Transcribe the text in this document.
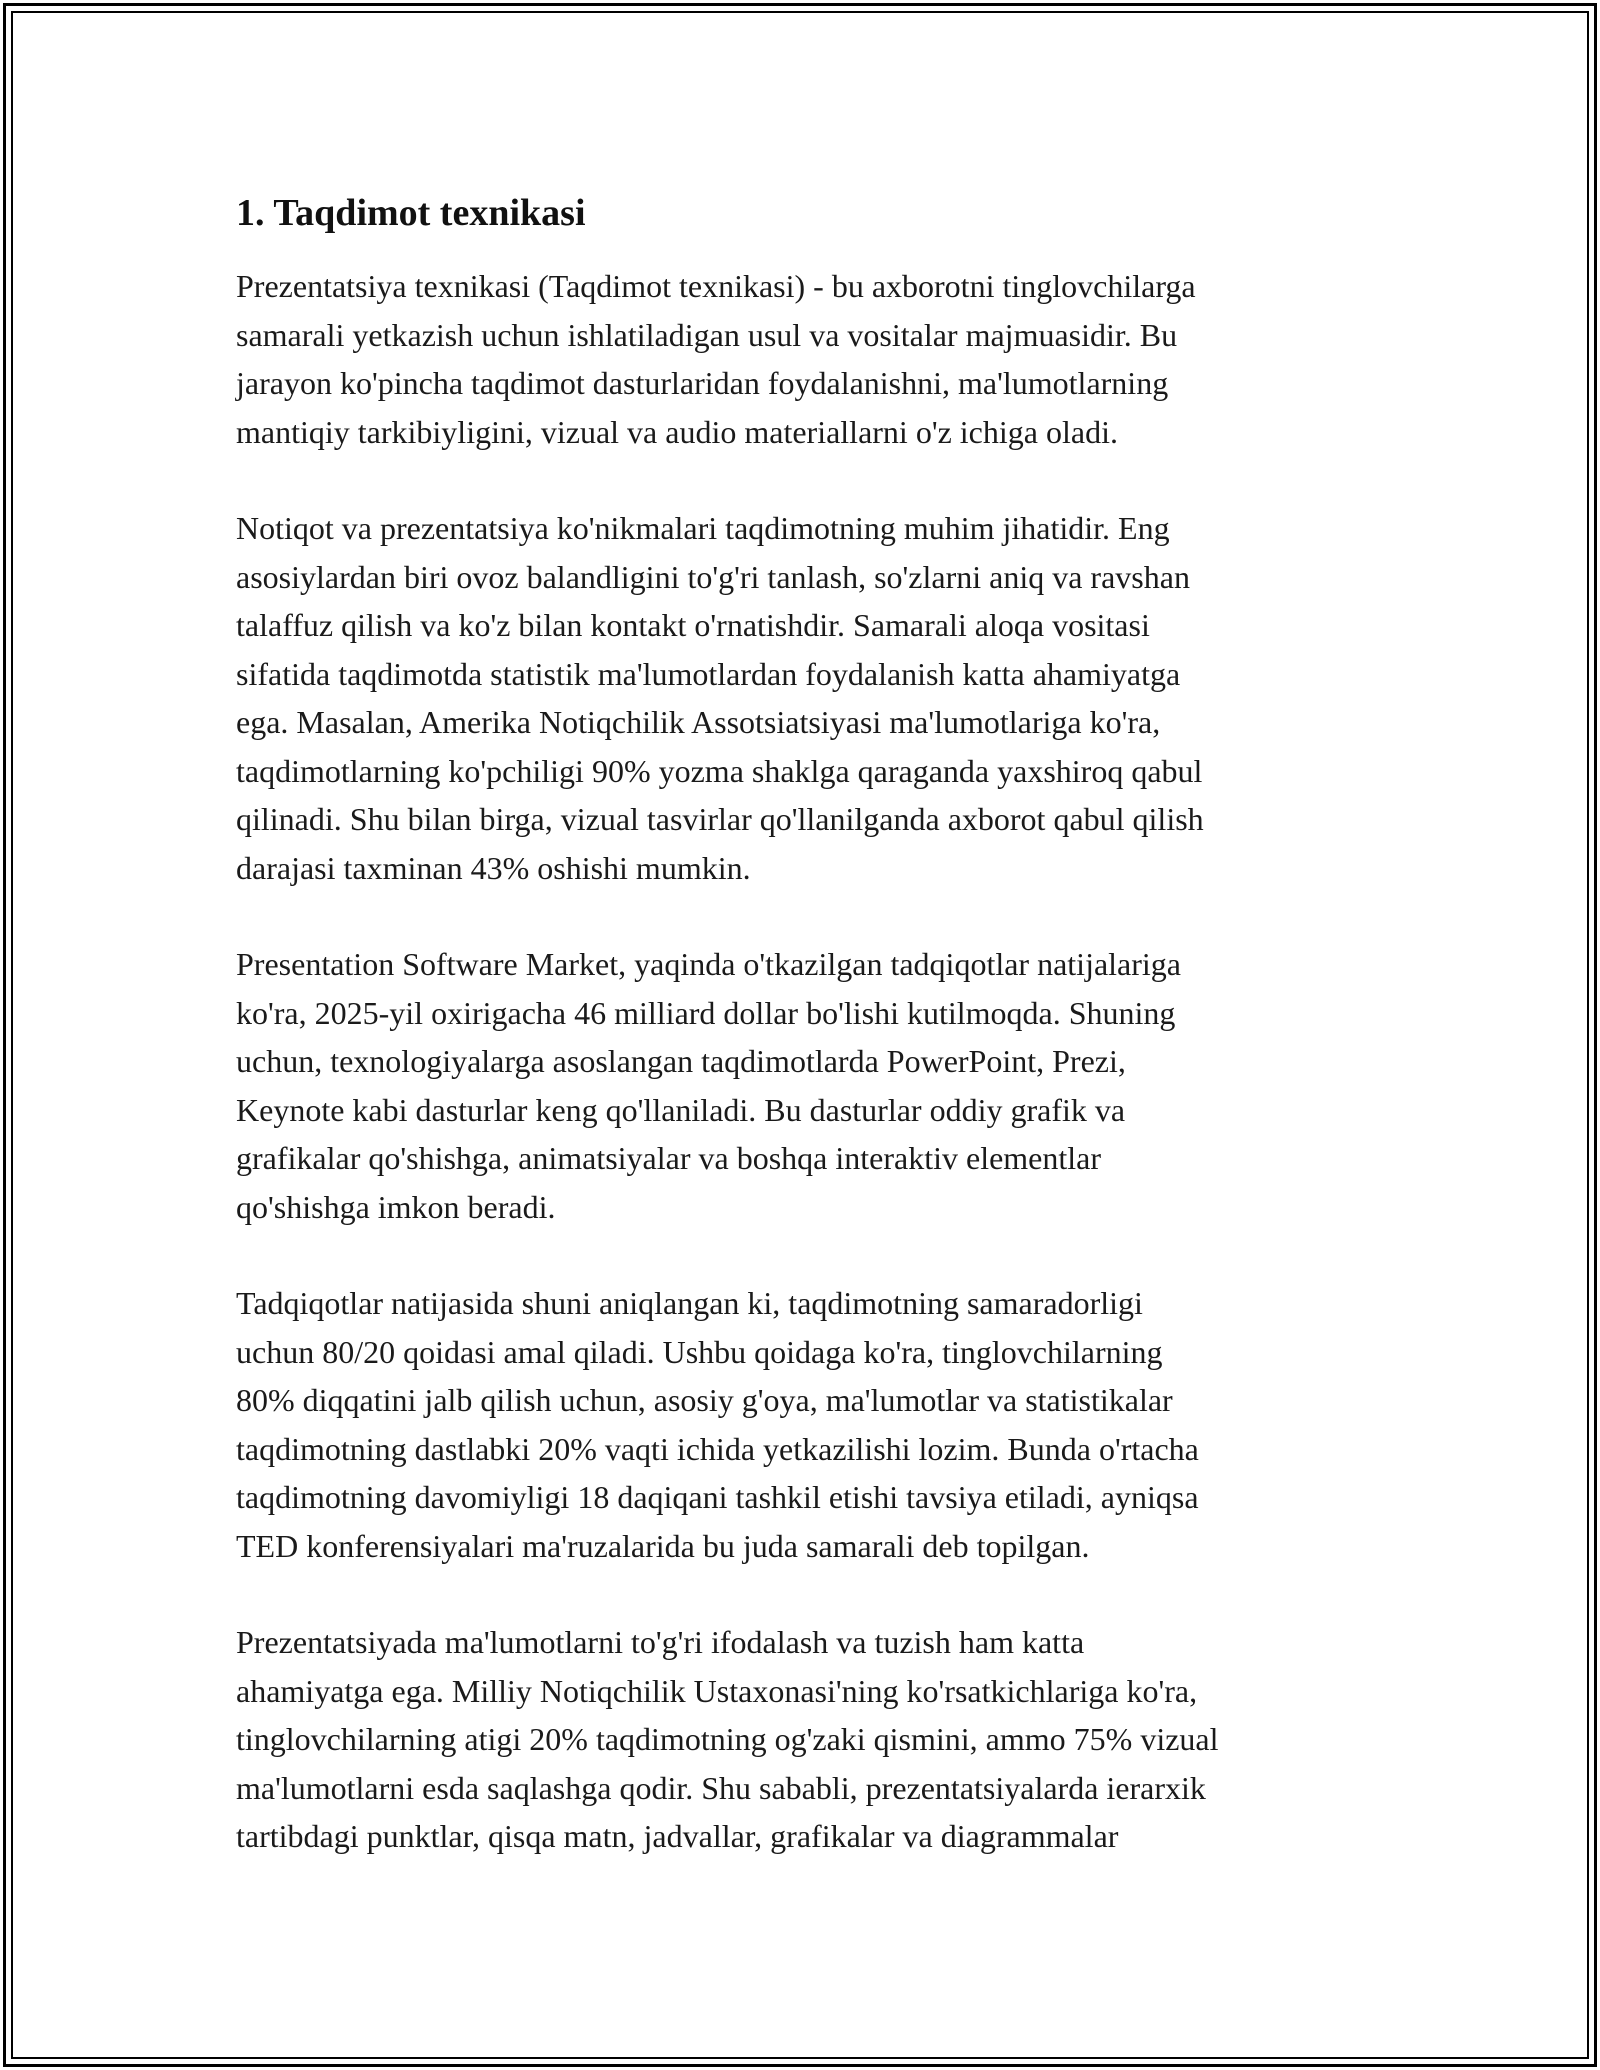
1. Taqdimot texnikasi

Prezentatsiya texnikasi (Taqdimot texnikasi) - bu axborotni tinglovchilarga
samarali yetkazish uchun ishlatiladigan usul va vositalar majmuasidir. Bu
jarayon ko'pincha taqdimot dasturlaridan foydalanishni, ma'lumotlarning
mantiqiy tarkibiyligini, vizual va audio materiallarni o'z ichiga oladi.

Notiqot va prezentatsiya ko'nikmalari taqdimotning muhim jihatidir. Eng
asosiylardan biri ovoz balandligini to'g'ri tanlash, so'zlarni aniq va ravshan
talaffuz qilish va ko'z bilan kontakt o'rnatishdir. Samarali aloqa vositasi
sifatida taqdimotda statistik ma'lumotlardan foydalanish katta ahamiyatga
ega. Masalan, Amerika Notiqchilik Assotsiatsiyasi ma'lumotlariga ko'ra,
taqdimotlarning ko'pchiligi 90% yozma shaklga qaraganda yaxshiroq qabul
qilinadi. Shu bilan birga, vizual tasvirlar qo'llanilganda axborot qabul qilish
darajasi taxminan 43% oshishi mumkin.

Presentation Software Market, yaqinda o'tkazilgan tadqiqotlar natijalariga
ko'ra, 2025-yil oxirigacha 46 milliard dollar bo'lishi kutilmoqda. Shuning
uchun, texnologiyalarga asoslangan taqdimotlarda PowerPoint, Prezi,
Keynote kabi dasturlar keng qo'llaniladi. Bu dasturlar oddiy grafik va
grafikalar qo'shishga, animatsiyalar va boshqa interaktiv elementlar
qo'shishga imkon beradi.

Tadqiqotlar natijasida shuni aniqlangan ki, taqdimotning samaradorligi
uchun 80/20 qoidasi amal qiladi. Ushbu qoidaga ko'ra, tinglovchilarning
80% diqqatini jalb qilish uchun, asosiy g'oya, ma'lumotlar va statistikalar
taqdimotning dastlabki 20% vaqti ichida yetkazilishi lozim. Bunda o'rtacha
taqdimotning davomiyligi 18 daqiqani tashkil etishi tavsiya etiladi, ayniqsa
TED konferensiyalari ma'ruzalarida bu juda samarali deb topilgan.

Prezentatsiyada ma'lumotlarni to'g'ri ifodalash va tuzish ham katta
ahamiyatga ega. Milliy Notiqchilik Ustaxonasi'ning ko'rsatkichlariga ko'ra,
tinglovchilarning atigi 20% taqdimotning og'zaki qismini, ammo 75% vizual
ma'lumotlarni esda saqlashga qodir. Shu sababli, prezentatsiyalarda ierarxik
tartibdagi punktlar, qisqa matn, jadvallar, grafikalar va diagrammalar
